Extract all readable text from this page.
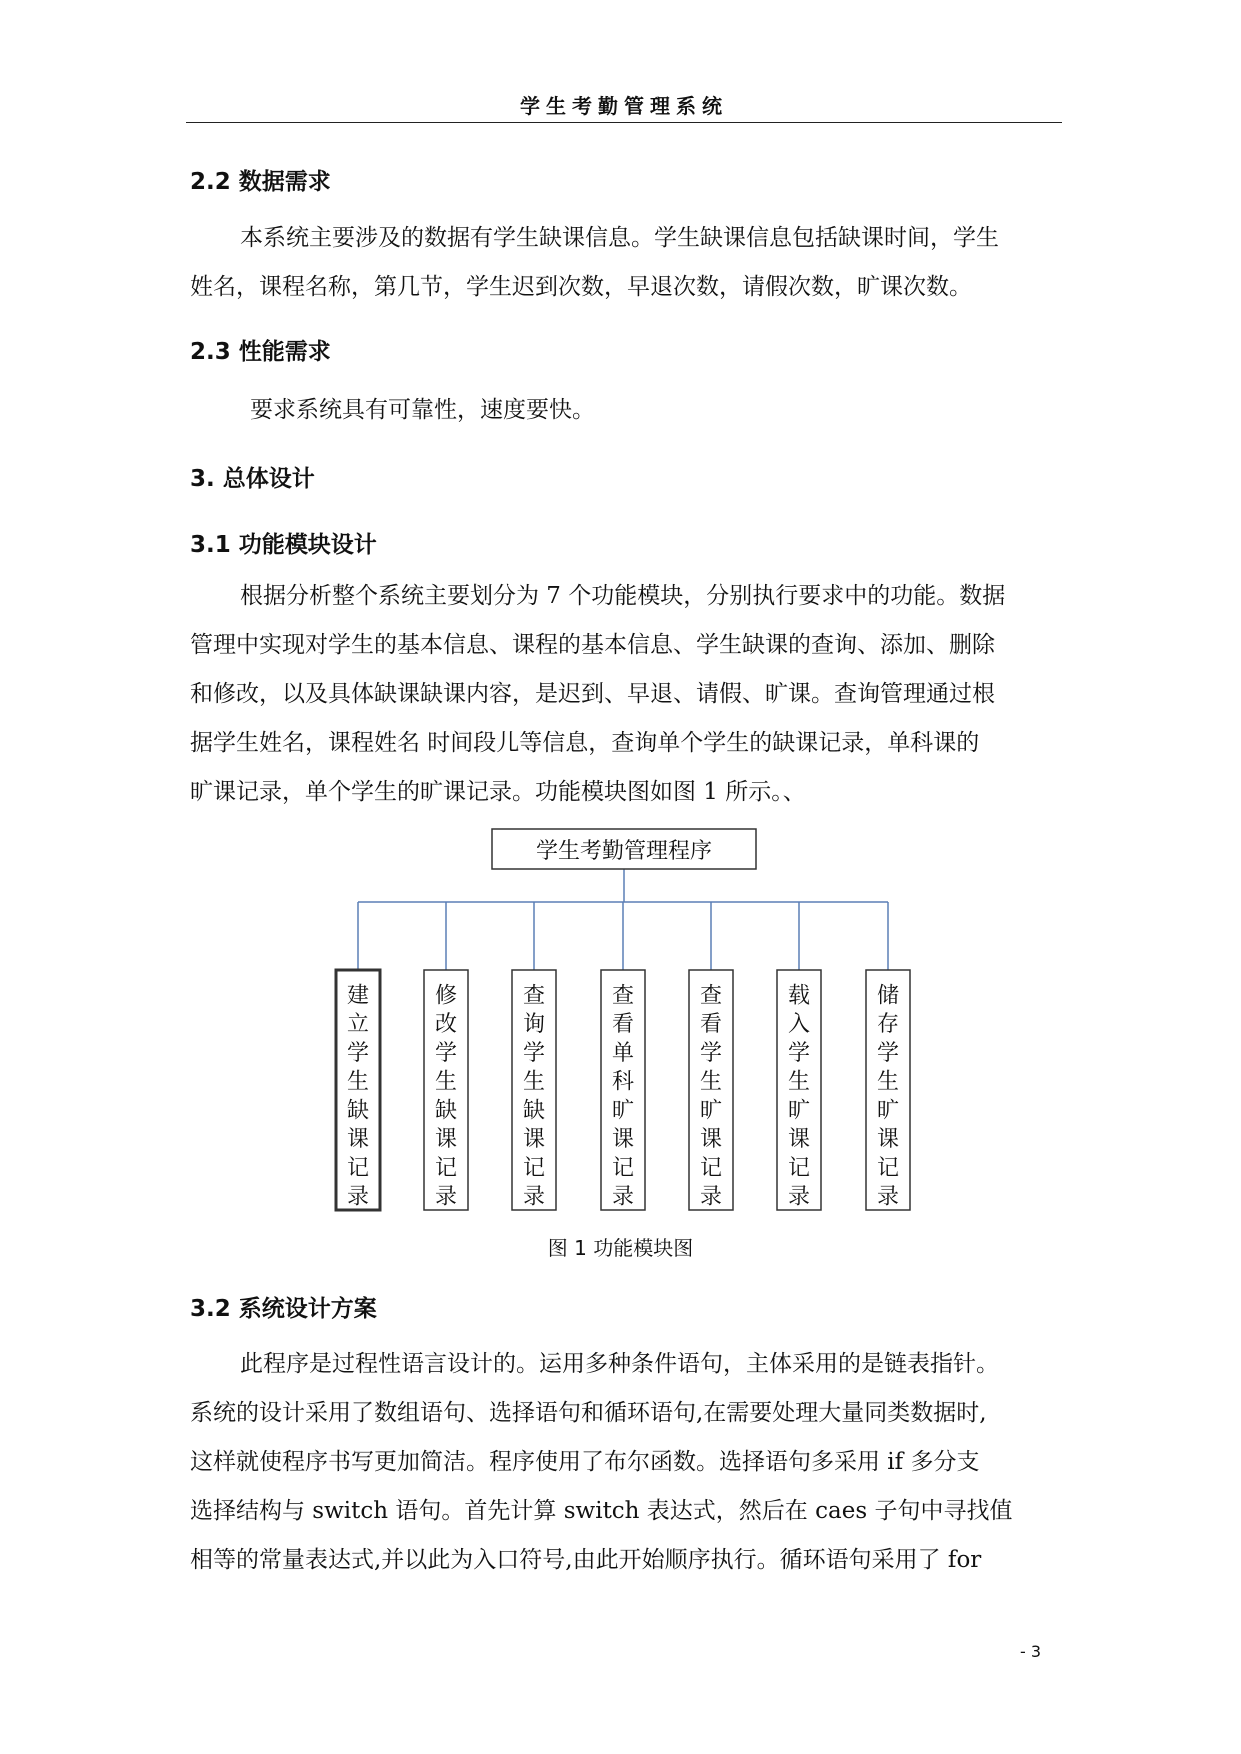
学生考勤管理系统
2.2 数据需求
本系统主要涉及的数据有学生缺课信息。学生缺课信息包括缺课时间，学生
姓名，课程名称，第几节，学生迟到次数，早退次数，请假次数，旷课次数。
2.3 性能需求
要求系统具有可靠性，速度要快。
3. 总体设计
3.1 功能模块设计
根据分析整个系统主要划分为 7 个功能模块，分别执行要求中的功能。数据
管理中实现对学生的基本信息、课程的基本信息、学生缺课的查询、添加、删除
和修改，以及具体缺课缺课内容，是迟到、早退、请假、旷课。查询管理通过根
据学生姓名，课程姓名 时间段儿等信息，查询单个学生的缺课记录，单科课的
旷课记录，单个学生的旷课记录。功能模块图如图 1 所示。、
学生考勤管理程序
建
立
学
生
缺
课
记
录
修
改
学
生
缺
课
记
录
查
询
学
生
缺
课
记
录
查
看
单
科
旷
课
记
录
查
看
学
生
旷
课
记
录
载
入
学
生
旷
课
记
录
储
存
学
生
旷
课
记
录
图 1 功能模块图
3.2 系统设计方案
此程序是过程性语言设计的。运用多种条件语句，主体采用的是链表指针。
系统的设计采用了数组语句、选择语句和循环语句,在需要处理大量同类数据时,
这样就使程序书写更加简洁。程序使用了布尔函数。选择语句多采用 if 多分支
选择结构与 switch 语句。首先计算 switch 表达式，然后在 caes 子句中寻找值
相等的常量表达式,并以此为入口符号,由此开始顺序执行。循环语句采用了 for
- 3
